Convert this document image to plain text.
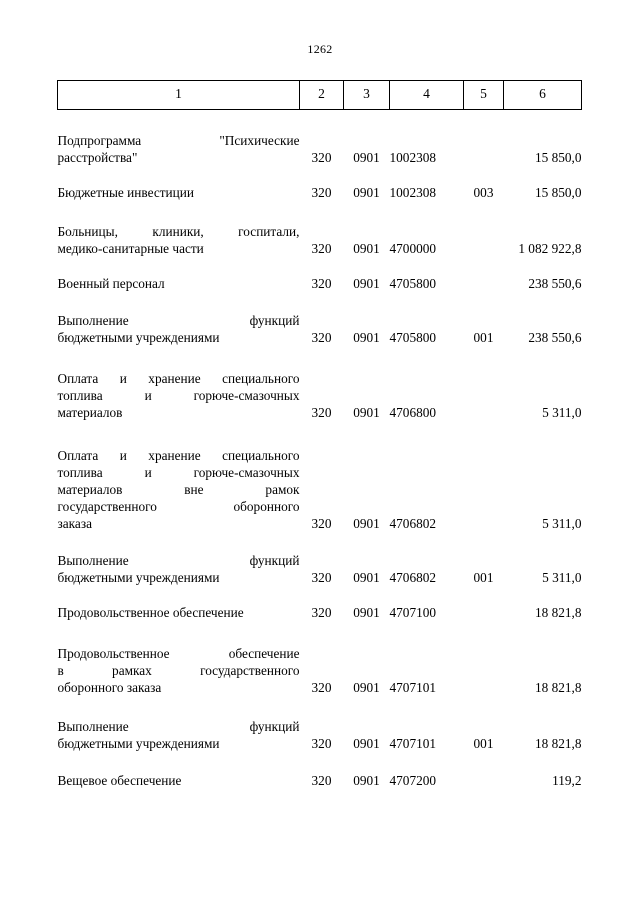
1262
1	2	3	4	5	6

Подпрограмма "Психические
расстройства"	320	0901	1002308		15 850,0

Бюджетные инвестиции	320	0901	1002308	003	15 850,0

Больницы, клиники, госпитали,
медико-санитарные части	320	0901	4700000		1 082 922,8

Военный персонал	320	0901	4705800		238 550,6

Выполнение функций
бюджетными учреждениями	320	0901	4705800	001	238 550,6

Оплата и хранение специального
топлива и горюче-смазочных
материалов	320	0901	4706800		5 311,0

Оплата и хранение специального
топлива и горюче-смазочных
материалов вне рамок
государственного оборонного
заказа	320	0901	4706802		5 311,0

Выполнение функций
бюджетными учреждениями	320	0901	4706802	001	5 311,0

Продовольственное обеспечение	320	0901	4707100		18 821,8

Продовольственное обеспечение
в рамках государственного
оборонного заказа	320	0901	4707101		18 821,8

Выполнение функций
бюджетными учреждениями	320	0901	4707101	001	18 821,8

Вещевое обеспечение	320	0901	4707200		119,2
